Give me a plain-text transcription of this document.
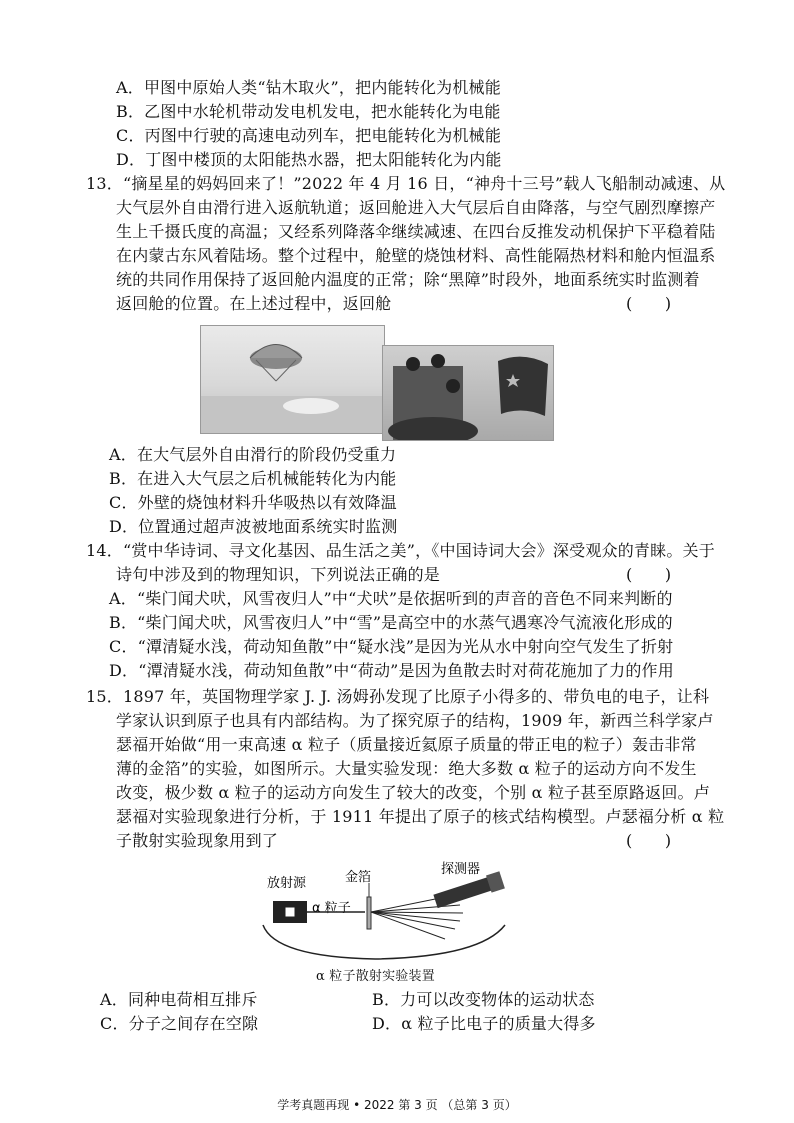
A．甲图中原始人类“钻木取火”，把内能转化为机械能
B．乙图中水轮机带动发电机发电，把水能转化为电能
C．丙图中行驶的高速电动列车，把电能转化为机械能
D．丁图中楼顶的太阳能热水器，把太阳能转化为内能
13．“摘星星的妈妈回来了！”2022 年 4 月 16 日，“神舟十三号”载人飞船制动减速、从
大气层外自由滑行进入返航轨道；返回舱进入大气层后自由降落，与空气剧烈摩擦产
生上千摄氏度的高温；又经系列降落伞继续减速、在四台反推发动机保护下平稳着陆
在内蒙古东风着陆场。整个过程中，舱壁的烧蚀材料、高性能隔热材料和舱内恒温系
统的共同作用保持了返回舱内温度的正常；除“黑障”时段外，地面系统实时监测着
返回舱的位置。在上述过程中，返回舱	(　　)
A．在大气层外自由滑行的阶段仍受重力
B．在进入大气层之后机械能转化为内能
C．外壁的烧蚀材料升华吸热以有效降温
D．位置通过超声波被地面系统实时监测
14．“赏中华诗词、寻文化基因、品生活之美”，《中国诗词大会》深受观众的青睐。关于
诗句中涉及到的物理知识，下列说法正确的是	(　　)
A．“柴门闻犬吠，风雪夜归人”中“犬吠”是依据听到的声音的音色不同来判断的
B．“柴门闻犬吠，风雪夜归人”中“雪”是高空中的水蒸气遇寒冷气流液化形成的
C．“潭清疑水浅，荷动知鱼散”中“疑水浅”是因为光从水中射向空气发生了折射
D．“潭清疑水浅，荷动知鱼散”中“荷动”是因为鱼散去时对荷花施加了力的作用
15．1897 年，英国物理学家 J. J. 汤姆孙发现了比原子小得多的、带负电的电子，让科
学家认识到原子也具有内部结构。为了探究原子的结构，1909 年，新西兰科学家卢
瑟福开始做“用一束高速 α 粒子（质量接近氦原子质量的带正电的粒子）轰击非常
薄的金箔”的实验，如图所示。大量实验发现：绝大多数 α 粒子的运动方向不发生
改变，极少数 α 粒子的运动方向发生了较大的改变，个别 α 粒子甚至原路返回。卢
瑟福对实验现象进行分析，于 1911 年提出了原子的核式结构模型。卢瑟福分析 α 粒
子散射实验现象用到了	(　　)
放射源	金箔
探测器
α 粒子
α 粒子散射实验装置
A．同种电荷相互排斥	B．力可以改变物体的运动状态
C．分子之间存在空隙	D．α 粒子比电子的质量大得多
学考真题再现 • 2022 第 3 页 （总第 3 页）
